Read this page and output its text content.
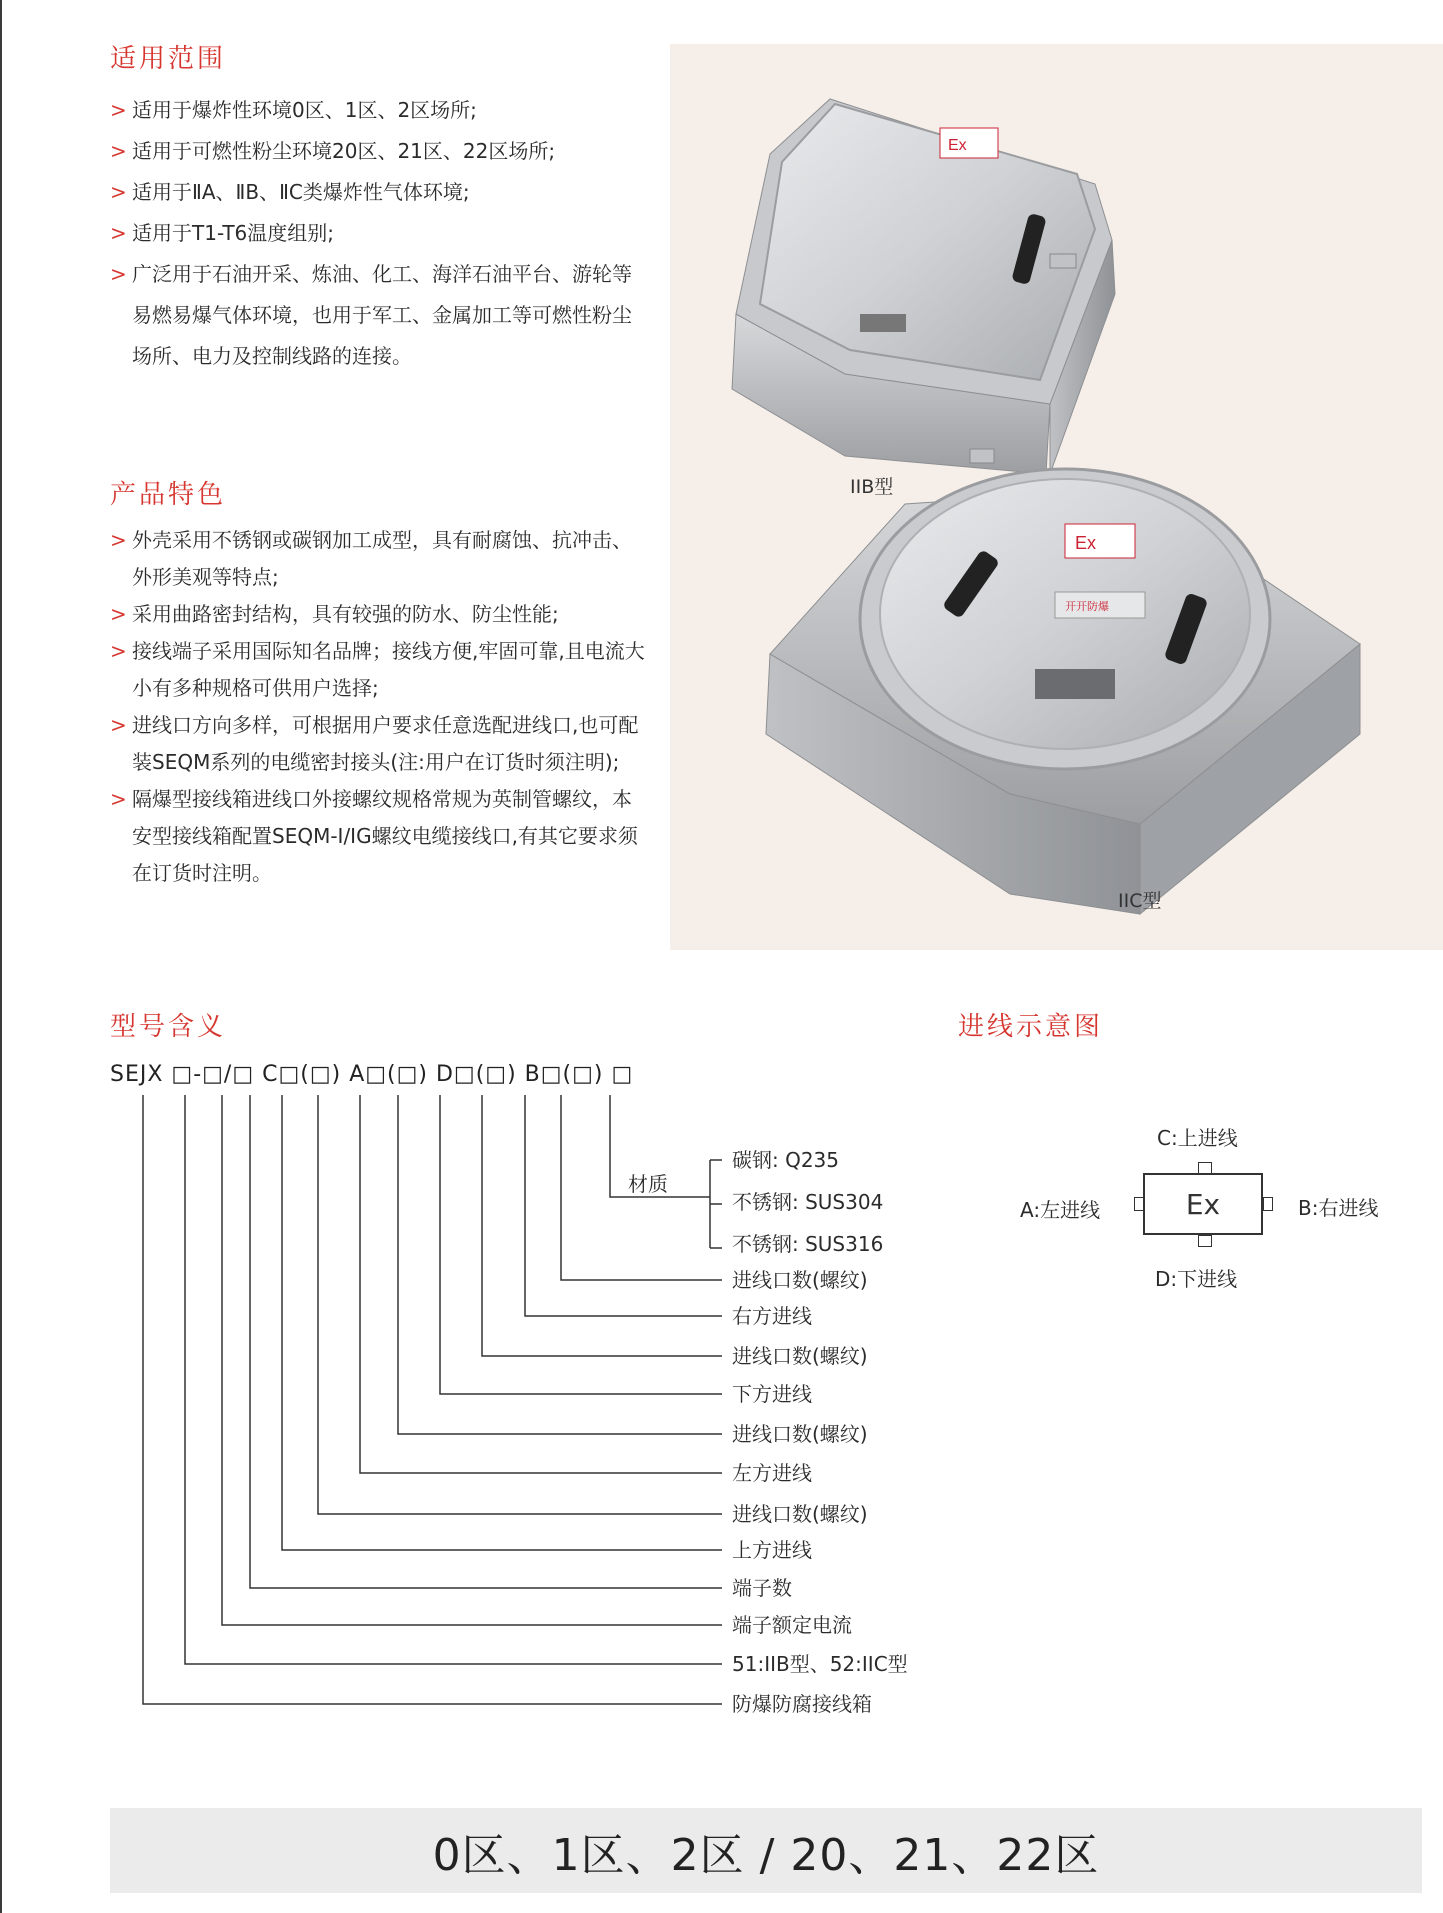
适用范围
> 适用于爆炸性环境0区、1区、2区场所;
> 适用于可燃性粉尘环境20区、21区、22区场所;
> 适用于ⅡA、ⅡB、ⅡC类爆炸性气体环境;
> 适用于T1-T6温度组别;
> 广泛用于石油开采、炼油、化工、海洋石油平台、游轮等易燃易爆气体环境，也用于军工、金属加工等可燃性粉尘场所、电力及控制线路的连接。
产品特色
> 外壳采用不锈钢或碳钢加工成型，具有耐腐蚀、抗冲击、外形美观等特点;
> 采用曲路密封结构，具有较强的防水、防尘性能;
> 接线端子采用国际知名品牌；接线方便,牢固可靠,且电流大小有多种规格可供用户选择;
> 进线口方向多样，可根据用户要求任意选配进线口,也可配装SEQM系列的电缆密封接头(注:用户在订货时须注明);
> 隔爆型接线箱进线口外接螺纹规格常规为英制管螺纹，本安型接线箱配置SEQM-I/IG螺纹电缆接线口,有其它要求须在订货时注明。
Ex
Ex
开开防爆
IIB型
IIC型
型号含义
SEJX □-□/□ C□(□) A□(□) D□(□) B□(□) □
材质
碳钢: Q235
不锈钢: SUS304
不锈钢: SUS316
进线口数(螺纹)
右方进线
进线口数(螺纹)
下方进线
进线口数(螺纹)
左方进线
进线口数(螺纹)
上方进线
端子数
端子额定电流
51:IIB型、52:IIC型
防爆防腐接线箱
进线示意图
Ex
C:上进线
A:左进线	B:右进线
D:下进线
0区、1区、2区 / 20、21、22区
